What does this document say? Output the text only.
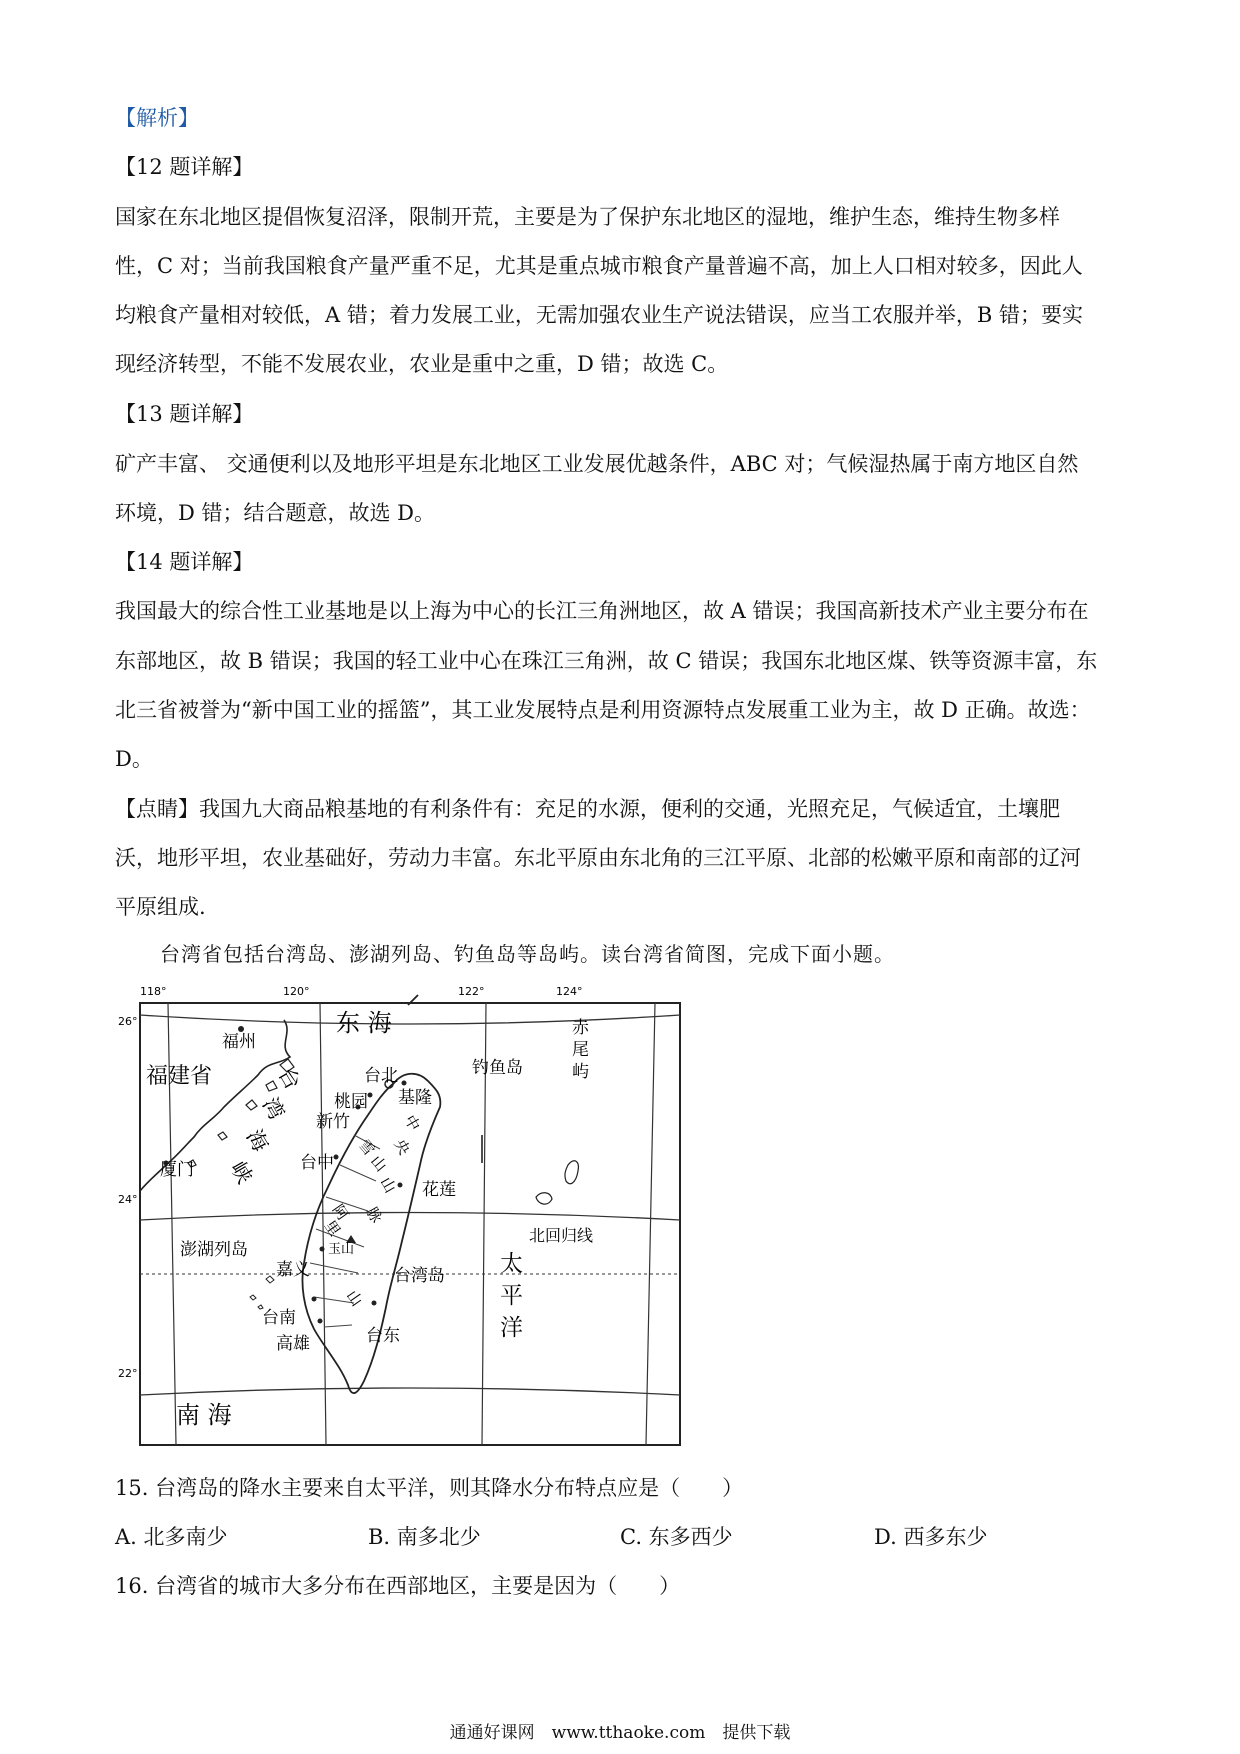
【解析】
【12 题详解】
国家在东北地区提倡恢复沼泽，限制开荒，主要是为了保护东北地区的湿地，维护生态，维持生物多样
性，C 对；当前我国粮食产量严重不足，尤其是重点城市粮食产量普遍不高，加上人口相对较多，因此人
均粮食产量相对较低，A 错；着力发展工业，无需加强农业生产说法错误，应当工农服并举，B 错；要实
现经济转型，不能不发展农业，农业是重中之重，D 错；故选 C。
【13 题详解】
矿产丰富、 交通便利以及地形平坦是东北地区工业发展优越条件，ABC 对；气候湿热属于南方地区自然
环境，D 错；结合题意，故选 D。
【14 题详解】
我国最大的综合性工业基地是以上海为中心的长江三角洲地区，故 A 错误；我国高新技术产业主要分布在
东部地区，故 B 错误；我国的轻工业中心在珠江三角洲，故 C 错误；我国东北地区煤、铁等资源丰富，东
北三省被誉为“新中国工业的摇篮”，其工业发展特点是利用资源特点发展重工业为主，故 D 正确。故选：
D。
【点睛】我国九大商品粮基地的有利条件有：充足的水源，便利的交通，光照充足，气候适宜，土壤肥
沃，地形平坦，农业基础好，劳动力丰富。东北平原由东北角的三江平原、北部的松嫩平原和南部的辽河
平原组成.
台湾省包括台湾岛、澎湖列岛、钓鱼岛等岛屿。读台湾省简图，完成下面小题。
118°	120°	122°	124°
26°
24°
22°
东 海
福州
福建省	钓鱼岛
赤
尾
屿
台北
基隆
桃园
新竹
台中
厦门
花莲
澎湖列岛	玉山
嘉义	台湾岛
台南
高雄	台东
南 海
北回归线
太
平
洋
台
湾
海
峡
雪
山
中
央
山
脉
阿
里
山
15. 台湾岛的降水主要来自太平洋，则其降水分布特点应是（　　）
A. 北多南少	B. 南多北少	C. 东多西少	D. 西多东少
16. 台湾省的城市大多分布在西部地区，主要是因为（　　）
通通好课网　www.tthaoke.com　提供下载
